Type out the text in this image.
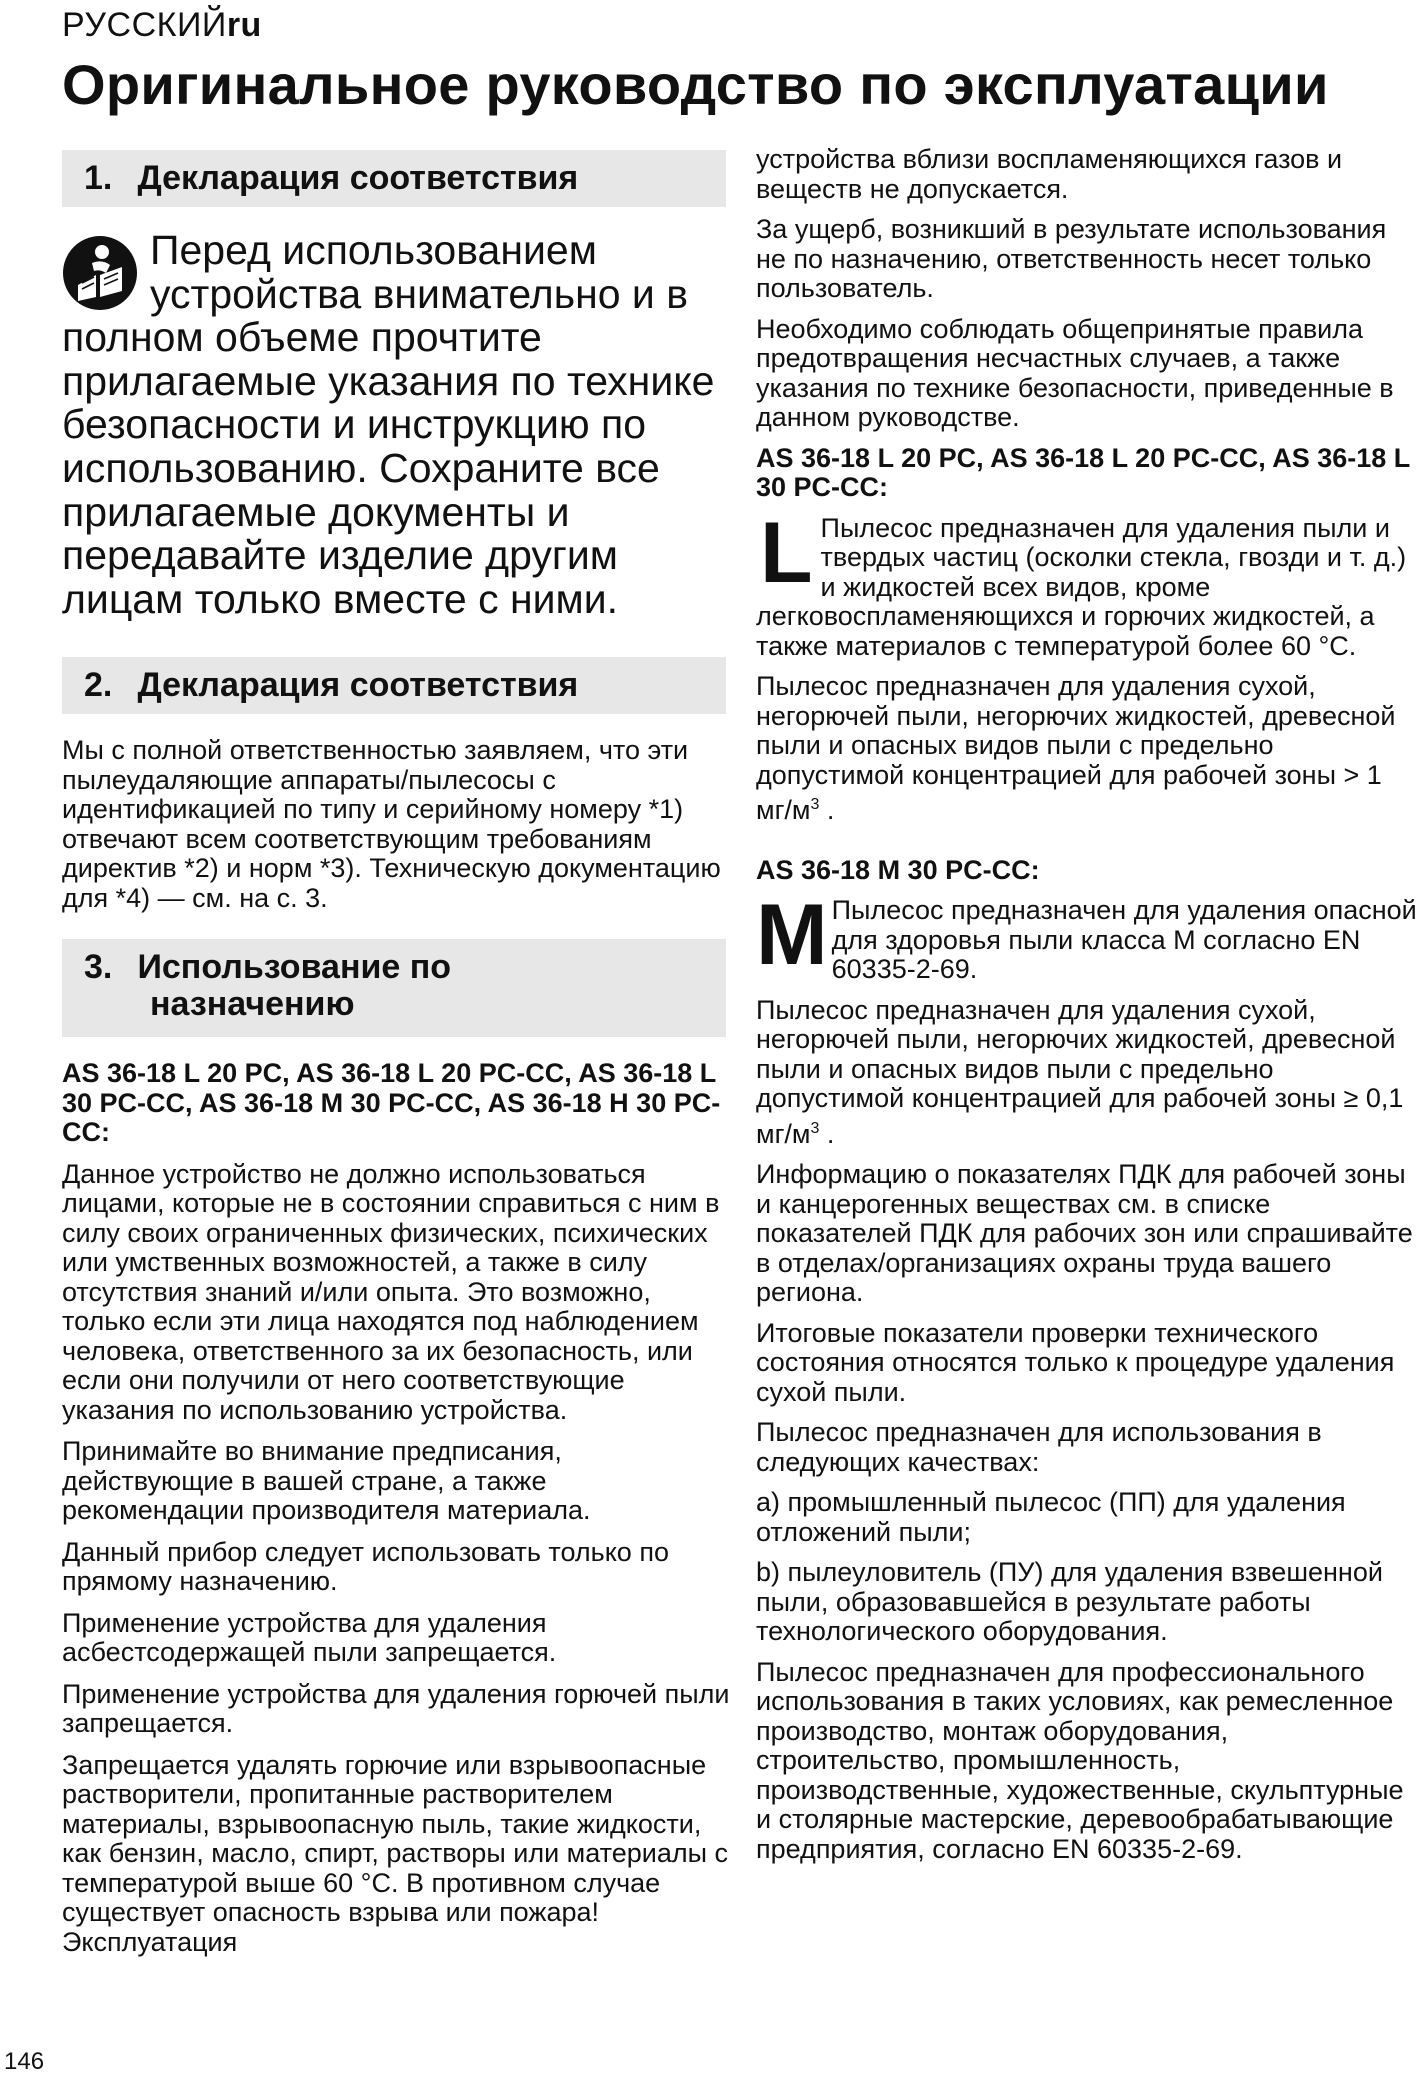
РУССКИЙru
Оригинальное руководство по эксплуатации
1. Декларация соответствия

Перед использованием устройства внимательно и в полном объеме прочтите прилагаемые указания по технике безопасности и инструкцию по использованию. Сохраните все прилагаемые документы и передавайте изделие другим лицам только вместе с ними.

2. Декларация соответствия

Мы с полной ответственностью заявляем, что эти пылеудаляющие аппараты/пылесосы с идентификацией по типу и серийному номеру *1) отвечают всем соответствующим требованиям директив *2) и норм *3). Техническую документацию для *4) — см. на с. 3.

3. Использование по
назначению

AS 36-18 L 20 PC, AS 36-18 L 20 PC-CC, AS 36-18 L 30 PC-CC, AS 36-18 M 30 PC-CC, AS 36-18 H 30 PC-CC:

Данное устройство не должно использоваться лицами, которые не в состоянии справиться с ним в силу своих ограниченных физических, психических или умственных возможностей, а также в силу отсутствия знаний и/или опыта. Это возможно, только если эти лица находятся под наблюдением человека, ответственного за их безопасность, или если они получили от него соответствующие указания по использованию устройства.

Принимайте во внимание предписания, действующие в вашей стране, а также рекомендации производителя материала.

Данный прибор следует использовать только по прямому назначению.

Применение устройства для удаления асбестсодержащей пыли запрещается.

Применение устройства для удаления горючей пыли запрещается.

Запрещается удалять горючие или взрывоопасные растворители, пропитанные растворителем материалы, взрывоопасную пыль, такие жидкости, как бензин, масло, спирт, растворы или материалы с температурой выше 60 °C. В противном случае существует опасность взрыва или пожара! Эксплуатация

устройства вблизи воспламеняющихся газов и веществ не допускается.

За ущерб, возникший в результате использования не по назначению, ответственность несет только пользователь.

Необходимо соблюдать общепринятые правила предотвращения несчастных случаев, а также указания по технике безопасности, приведенные в данном руководстве.

AS 36-18 L 20 PC, AS 36-18 L 20 PC-CC, AS 36-18 L 30 PC-CC:

L Пылесос предназначен для удаления пыли и твердых частиц (осколки стекла, гвозди и т. д.) и жидкостей всех видов, кроме легковоспламеняющихся и горючих жидкостей, а также материалов с температурой более 60 °C.

Пылесос предназначен для удаления сухой, негорючей пыли, негорючих жидкостей, древесной пыли и опасных видов пыли с предельно допустимой концентрацией для рабочей зоны > 1 $мг/м^3$ .

AS 36-18 M 30 PC-CC:

M Пылесос предназначен для удаления опасной для здоровья пыли класса M согласно EN 60335-2-69.

Пылесос предназначен для удаления сухой, негорючей пыли, негорючих жидкостей, древесной пыли и опасных видов пыли с предельно допустимой концентрацией для рабочей зоны ≥ 0,1 $мг/м^3$ .

Информацию о показателях ПДК для рабочей зоны и канцерогенных веществах см. в списке показателей ПДК для рабочих зон или спрашивайте в отделах/организациях охраны труда вашего региона.

Итоговые показатели проверки технического состояния относятся только к процедуре удаления сухой пыли.

Пылесос предназначен для использования в следующих качествах:

a) промышленный пылесос (ПП) для удаления отложений пыли;

b) пылеуловитель (ПУ) для удаления взвешенной пыли, образовавшейся в результате работы технологического оборудования.

Пылесос предназначен для профессионального использования в таких условиях, как ремесленное производство, монтаж оборудования, строительство, промышленность, производственные, художественные, скульптурные и столярные мастерские, деревообрабатывающие предприятия, согласно EN 60335-2-69.

146
